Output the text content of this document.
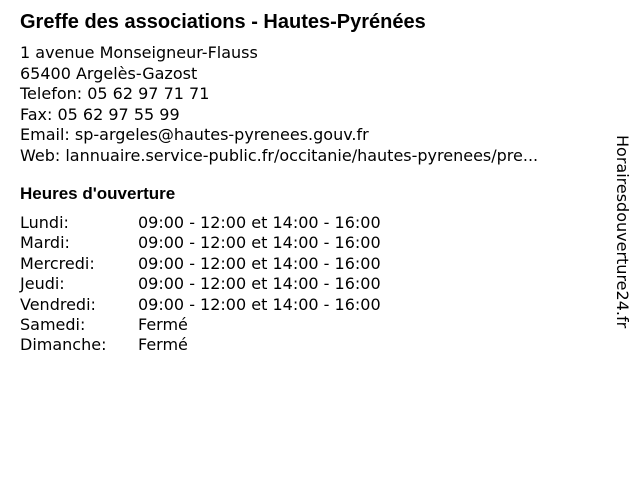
Greffe des associations - Hautes-Pyrénées
1 avenue Monseigneur-Flauss
65400 Argelès-Gazost
Telefon: 05 62 97 71 71
Fax: 05 62 97 55 99
Email: sp-argeles@hautes-pyrenees.gouv.fr
Web: lannuaire.service-public.fr/occitanie/hautes-pyrenees/pre...
Heures d'ouverture
Lundi:	09:00 - 12:00 et 14:00 - 16:00
Mardi:	09:00 - 12:00 et 14:00 - 16:00
Mercredi:	09:00 - 12:00 et 14:00 - 16:00
Jeudi:	09:00 - 12:00 et 14:00 - 16:00
Vendredi:	09:00 - 12:00 et 14:00 - 16:00
Samedi:	Fermé
Dimanche:	Fermé
Horairesdouverture24.fr
